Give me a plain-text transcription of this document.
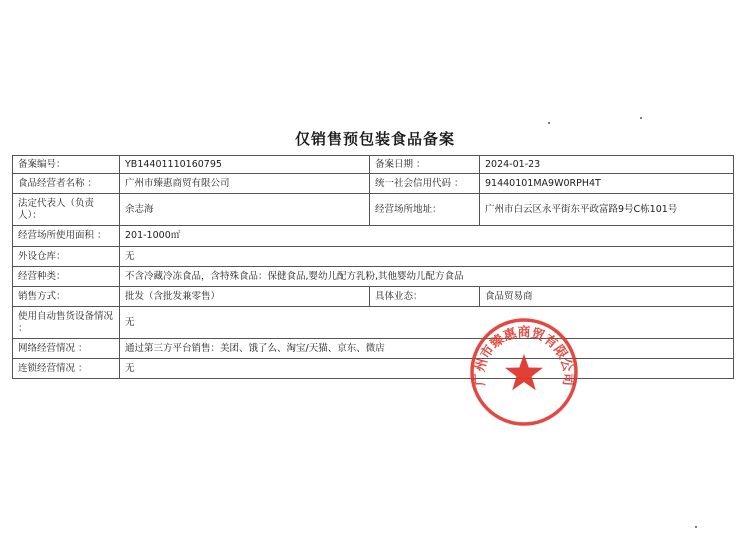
仅销售预包装食品备案
备案编号：	YB14401110160795	备案日期 ：	2024-01-23
食品经营者名称 ：	广州市臻惠商贸有限公司	统一社会信用代码 ：	91440101MA9W0RPH4T
法定代表人（负责人）：	余志海	经营场所地址：	广州市白云区永平街东平政富路9号C栋101号
经营场所使用面积 ：	201-1000㎡		
外设仓库：	无		
经营种类：	不含冷藏冷冻食品，含特殊食品：保健食品,婴幼儿配方乳粉,其他婴幼儿配方食品		
销售方式：	批发（含批发兼零售）	具体业态：	食品贸易商
使用自动售货设备情况 ：	无		
网络经营情况 ：	通过第三方平台销售：美团、饿了么、淘宝/天猫、京东、微店		
连锁经营情况 ：	无		
广州市臻惠商贸有限公司
